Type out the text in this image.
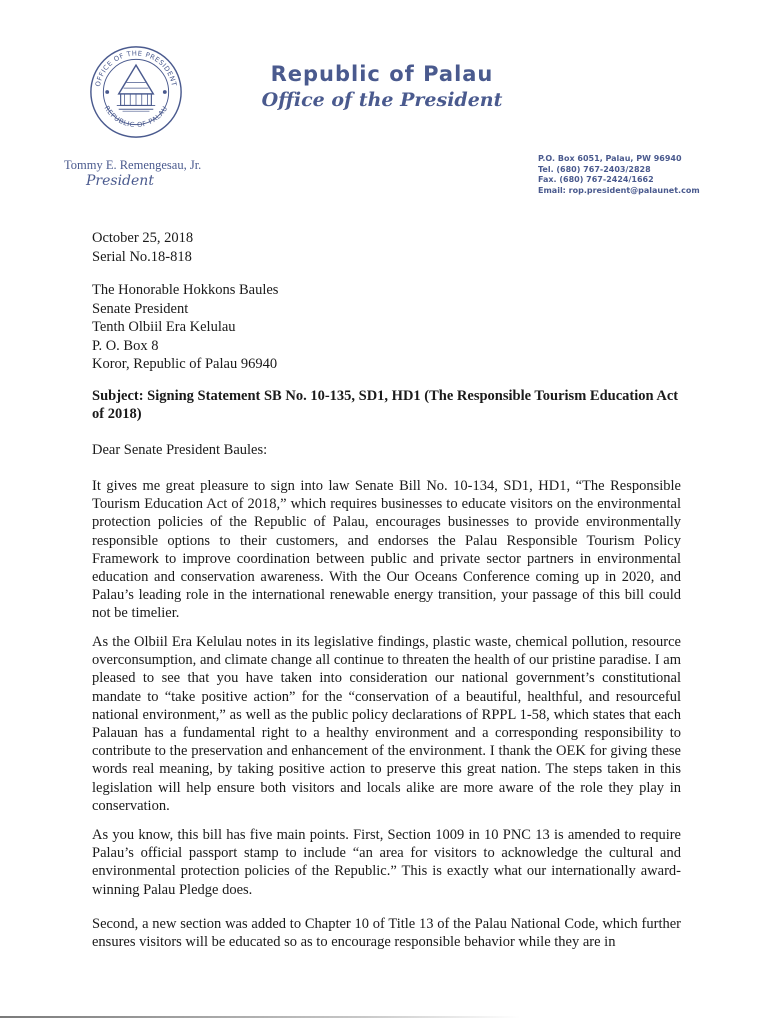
OFFICE OF THE PRESIDENT
REPUBLIC OF PALAU
Republic of Palau
Office of the President
Tommy E. Remengesau, Jr.
President
P.O. Box 6051, Palau, PW 96940
Tel. (680) 767-2403/2828
Fax. (680) 767-2424/1662
Email: rop.president@palaunet.com
October 25, 2018
Serial No.18-818
The Honorable Hokkons Baules
Senate President
Tenth Olbiil Era Kelulau
P. O. Box 8
Koror, Republic of Palau 96940
Subject: Signing Statement SB No. 10-135, SD1, HD1 (The Responsible Tourism Education Act of 2018)
Dear Senate President Baules:

It gives me great pleasure to sign into law Senate Bill No. 10-134, SD1, HD1, “The Responsible Tourism Education Act of 2018,” which requires businesses to educate visitors on the environmental protection policies of the Republic of Palau, encourages businesses to provide environmentally responsible options to their customers, and endorses the Palau Responsible Tourism Policy Framework to improve coordination between public and private sector partners in environmental education and conservation awareness. With the Our Oceans Conference coming up in 2020, and Palau’s leading role in the international renewable energy transition, your passage of this bill could not be timelier.

As the Olbiil Era Kelulau notes in its legislative findings, plastic waste, chemical pollution, resource overconsumption, and climate change all continue to threaten the health of our pristine paradise. I am pleased to see that you have taken into consideration our national government’s constitutional mandate to “take positive action” for the “conservation of a beautiful, healthful, and resourceful national environment,” as well as the public policy declarations of RPPL 1-58, which states that each Palauan has a fundamental right to a healthy environment and a corresponding responsibility to contribute to the preservation and enhancement of the environment. I thank the OEK for giving these words real meaning, by taking positive action to preserve this great nation. The steps taken in this legislation will help ensure both visitors and locals alike are more aware of the role they play in conservation.

As you know, this bill has five main points. First, Section 1009 in 10 PNC 13 is amended to require Palau’s official passport stamp to include “an area for visitors to acknowledge the cultural and environmental protection policies of the Republic.” This is exactly what our internationally award-winning Palau Pledge does.

Second, a new section was added to Chapter 10 of Title 13 of the Palau National Code, which further ensures visitors will be educated so as to encourage responsible behavior while they are in
